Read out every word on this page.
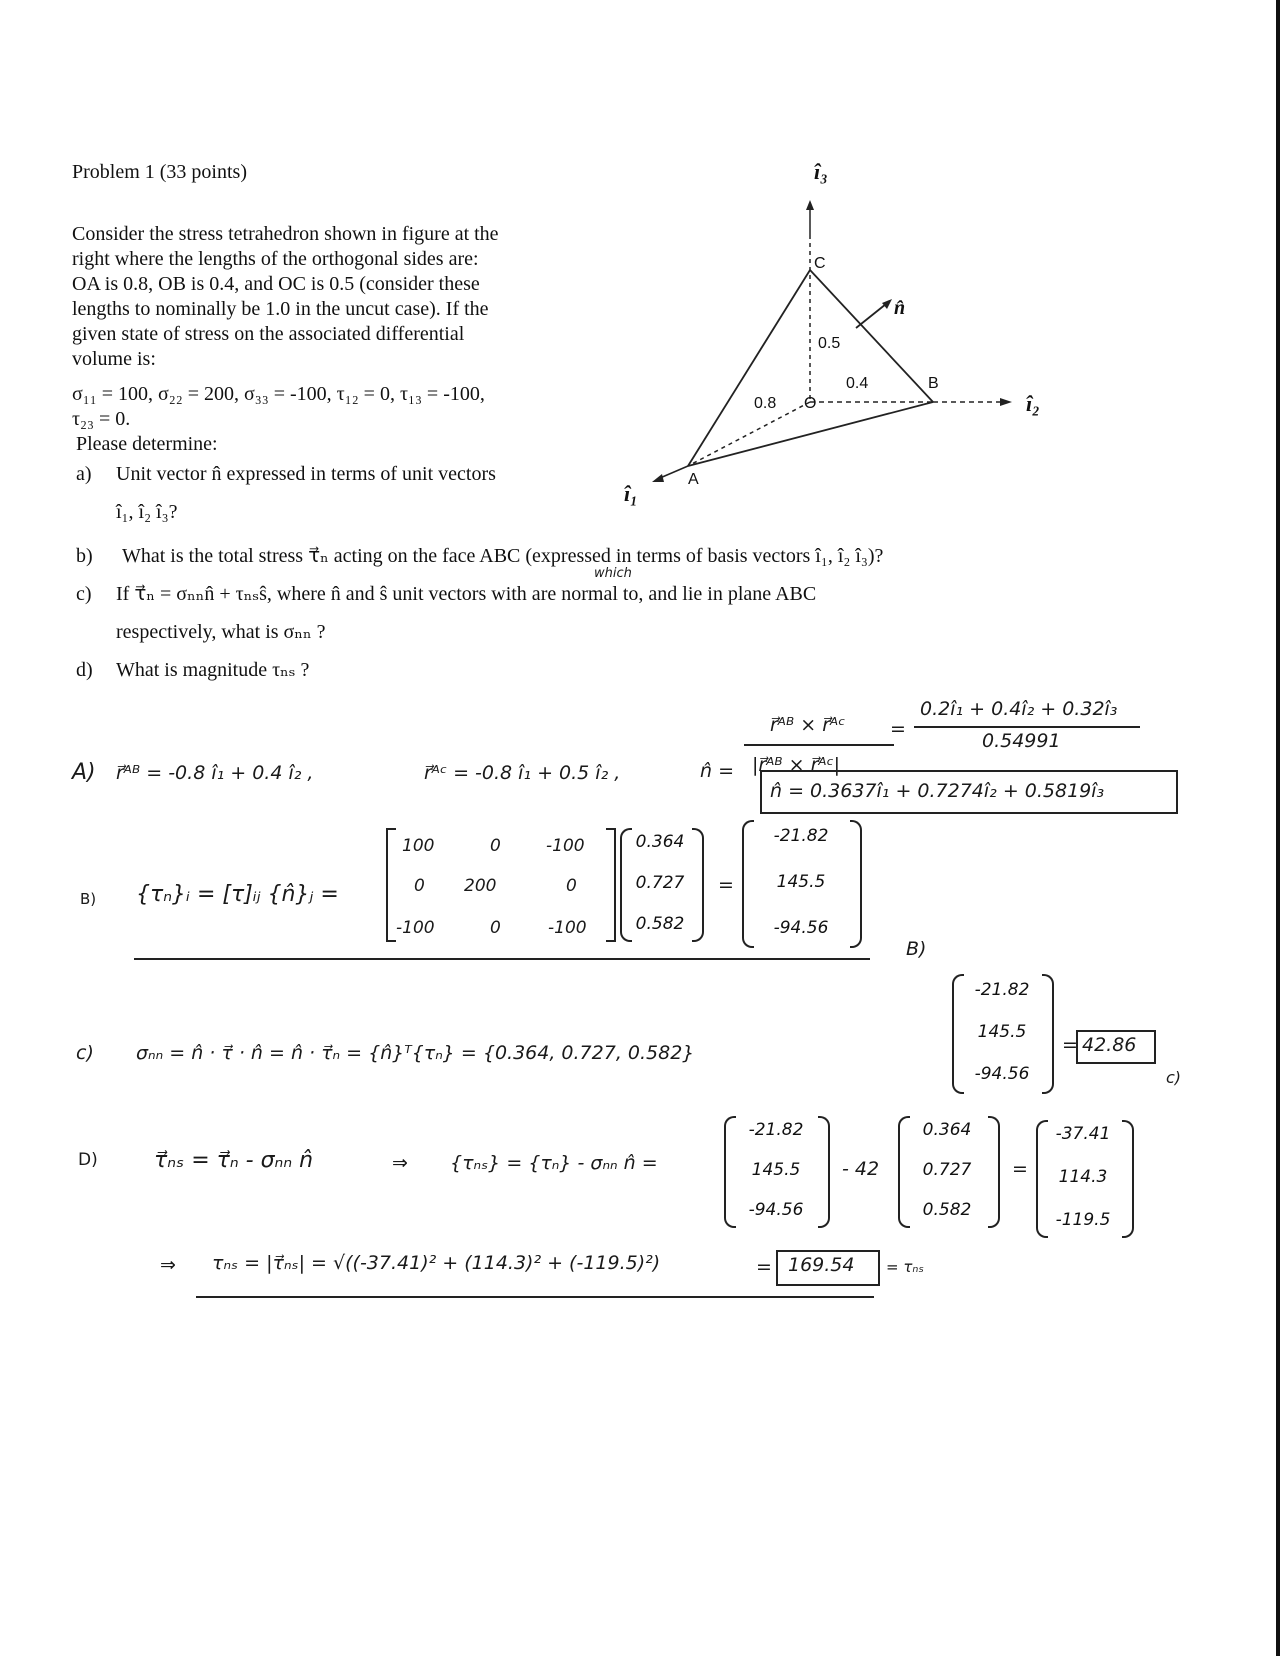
Problem 1 (33 points)
Consider the stress tetrahedron shown in figure at the
right where the lengths of the orthogonal sides are:
OA is 0.8, OB is 0.4, and OC is 0.5 (consider these
lengths to nominally be 1.0 in the uncut case). If the
given state of stress on the associated differential
volume is:
σ₁₁ = 100, σ₂₂ = 200, σ₃₃ = -100, τ₁₂ = 0, τ₁₃ = -100,
τ₂₃ = 0.
Please determine:
a) Unit vector n̂ expressed in terms of unit vectors
î₁, î₂ î₃?
b) What is the total stress τ⃗ₙ acting on the face ABC (expressed in terms of basis vectors î₁, î₂ î₃)?
which
c) If τ⃗ₙ = σₙₙn̂ + τₙₛŝ, where n̂ and ŝ unit vectors with are normal to, and lie in plane ABC
respectively, what is σₙₙ ?
d) What is magnitude τₙₛ ?
î₃
C
n̂
0.5
0.4	B
0.8 O	î₂
A
î₁
A) r⃗ᴬᴮ = -0.8 î₁ + 0.4 î₂ ,	r⃗ᴬᶜ = -0.8 î₁ + 0.5 î₂ ,	n̂ =
r⃗ᴬᴮ × r⃗ᴬᶜ
|r⃗ᴬᴮ × r⃗ᴬᶜ|
=
0.2î₁ + 0.4î₂ + 0.32î₃
0.54991
n̂ = 0.3637î₁ + 0.7274î₂ + 0.5819î₃
B) {τₙ}ᵢ = [τ]ᵢⱼ {n̂}ⱼ =
100	0	-100
0 200	0
-100	0	-100
0.364
0.727
0.582
=
-21.82
145.5
-94.56
B)
c) σₙₙ = n̂ · τ⃗ · n̂ = n̂ · τ⃗ₙ = {n̂}ᵀ{τₙ} = {0.364, 0.727, 0.582}
-21.82
145.5
-94.56
= 42.86
c)
D)	τ⃗ₙₛ = τ⃗ₙ - σₙₙ n̂	⇒ {τₙₛ} = {τₙ} - σₙₙ n̂ =
-21.82
145.5
-94.56
- 42
0.364
0.727
0.582
=
-37.41
114.3
-119.5
⇒ τₙₛ = |τ⃗ₙₛ| = √((-37.41)² + (114.3)² + (-119.5)²)	= 169.54 = τₙₛ
